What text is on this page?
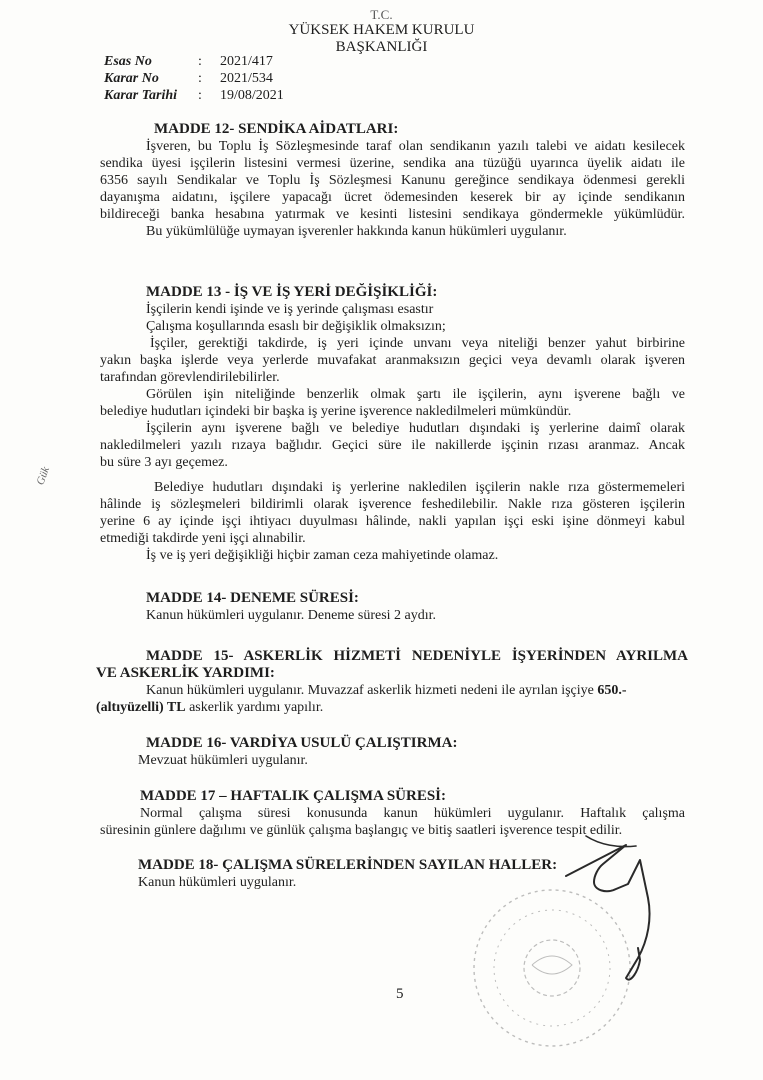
T.C.
YÜKSEK HAKEM KURULU
BAŞKANLIĞI
Esas No	:	2021/417
Karar No	:	2021/534
Karar Tarihi	:	19/08/2021
Gük
MADDE 12- SENDİKA AİDATLARI:
İşveren, bu Toplu İş Sözleşmesinde taraf olan sendikanın yazılı talebi ve aidatı kesilecek
sendika üyesi işçilerin listesini vermesi üzerine, sendika ana tüzüğü uyarınca üyelik aidatı ile
6356 sayılı Sendikalar ve Toplu İş Sözleşmesi Kanunu gereğince sendikaya ödenmesi gerekli
dayanışma aidatını, işçilere yapacağı ücret ödemesinden keserek bir ay içinde sendikanın
bildireceği banka hesabına yatırmak ve kesinti listesini sendikaya göndermekle yükümlüdür.
Bu yükümlülüğe uymayan işverenler hakkında kanun hükümleri uygulanır.
MADDE 13 - İŞ VE İŞ YERİ DEĞİŞİKLİĞİ:
İşçilerin kendi işinde ve iş yerinde çalışması esastır
Çalışma koşullarında esaslı bir değişiklik olmaksızın;
İşçiler, gerektiği takdirde, iş yeri içinde unvanı veya niteliği benzer yahut birbirine
yakın başka işlerde veya yerlerde muvafakat aranmaksızın geçici veya devamlı olarak işveren
tarafından görevlendirilebilirler.
Görülen işin niteliğinde benzerlik olmak şartı ile işçilerin, aynı işverene bağlı ve
belediye hudutları içindeki bir başka iş yerine işverence nakledilmeleri mümkündür.
İşçilerin aynı işverene bağlı ve belediye hudutları dışındaki iş yerlerine daimî olarak
nakledilmeleri yazılı rızaya bağlıdır. Geçici süre ile nakillerde işçinin rızası aranmaz. Ancak
bu süre 3 ayı geçemez.
Belediye hudutları dışındaki iş yerlerine nakledilen işçilerin nakle rıza göstermemeleri
hâlinde iş sözleşmeleri bildirimli olarak işverence feshedilebilir. Nakle rıza gösteren işçilerin
yerine 6 ay içinde işçi ihtiyacı duyulması hâlinde, nakli yapılan işçi eski işine dönmeyi kabul
etmediği takdirde yeni işçi alınabilir.
İş ve iş yeri değişikliği hiçbir zaman ceza mahiyetinde olamaz.
MADDE 14- DENEME SÜRESİ:
Kanun hükümleri uygulanır. Deneme süresi 2 aydır.
MADDE 15- ASKERLİK HİZMETİ NEDENİYLE İŞYERİNDEN AYRILMA
VE ASKERLİK YARDIMI:
Kanun hükümleri uygulanır. Muvazzaf askerlik hizmeti nedeni ile ayrılan işçiye 650.-
(altıyüzelli) TL askerlik yardımı yapılır.
MADDE 16- VARDİYA USULÜ ÇALIŞTIRMA:
Mevzuat hükümleri uygulanır.
MADDE 17 – HAFTALIK ÇALIŞMA SÜRESİ:
Normal çalışma süresi konusunda kanun hükümleri uygulanır. Haftalık çalışma
süresinin günlere dağılımı ve günlük çalışma başlangıç ve bitiş saatleri işverence tespit edilir.
MADDE 18- ÇALIŞMA SÜRELERİNDEN SAYILAN HALLER:
Kanun hükümleri uygulanır.
5
